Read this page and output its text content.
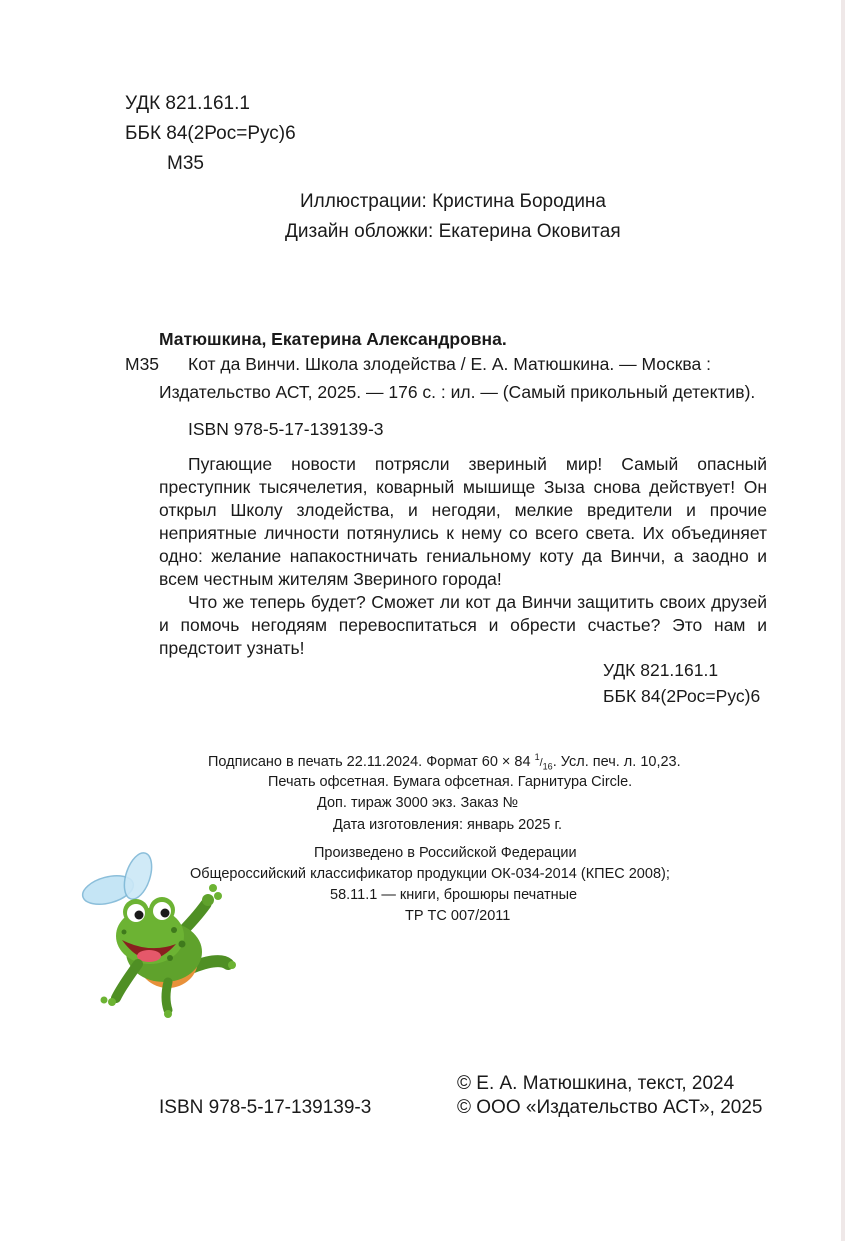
УДК 821.161.1

ББК 84(2Рос=Рус)6

М35

Иллюстрации: Кристина Бородина

Дизайн обложки: Екатерина Оковитая

Матюшкина, Екатерина Александровна.

М35 Кот да Винчи. Школа злодейства / Е. А. Матюшкина. — Москва :

Издательство АСТ, 2025. — 176 с. : ил. — (Самый прикольный детектив).

ISBN 978-5-17-139139-3

Пугающие новости потрясли звериный мир! Самый опасный преступник тысячелетия, коварный мышище Зыза снова действует! Он открыл Школу злодейства, и негодяи, мелкие вредители и прочие неприятные личности потянулись к нему со всего света. Их объединяет одно: желание напакостничать гениальному коту да Винчи, а заодно и всем честным жителям Звериного города!

Что же теперь будет? Сможет ли кот да Винчи защитить своих друзей и помочь негодяям перевоспитаться и обрести счастье? Это нам и предстоит узнать!

УДК 821.161.1

ББК 84(2Рос=Рус)6

Подписано в печать 22.11.2024. Формат 60 × 84 $^1/_{16}$. Усл. печ. л. 10,23.

Печать офсетная. Бумага офсетная. Гарнитура Circle.

Доп. тираж 3000 экз. Заказ №

Дата изготовления: январь 2025 г.

Произведено в Российской Федерации

Общероссийский классификатор продукции ОК-034-2014 (КПЕС 2008);

58.11.1 — книги, брошюры печатные

ТР ТС 007/2011

ISBN 978-5-17-139139-3

© Е. А. Матюшкина, текст, 2024

© ООО «Издательство АСТ», 2025
